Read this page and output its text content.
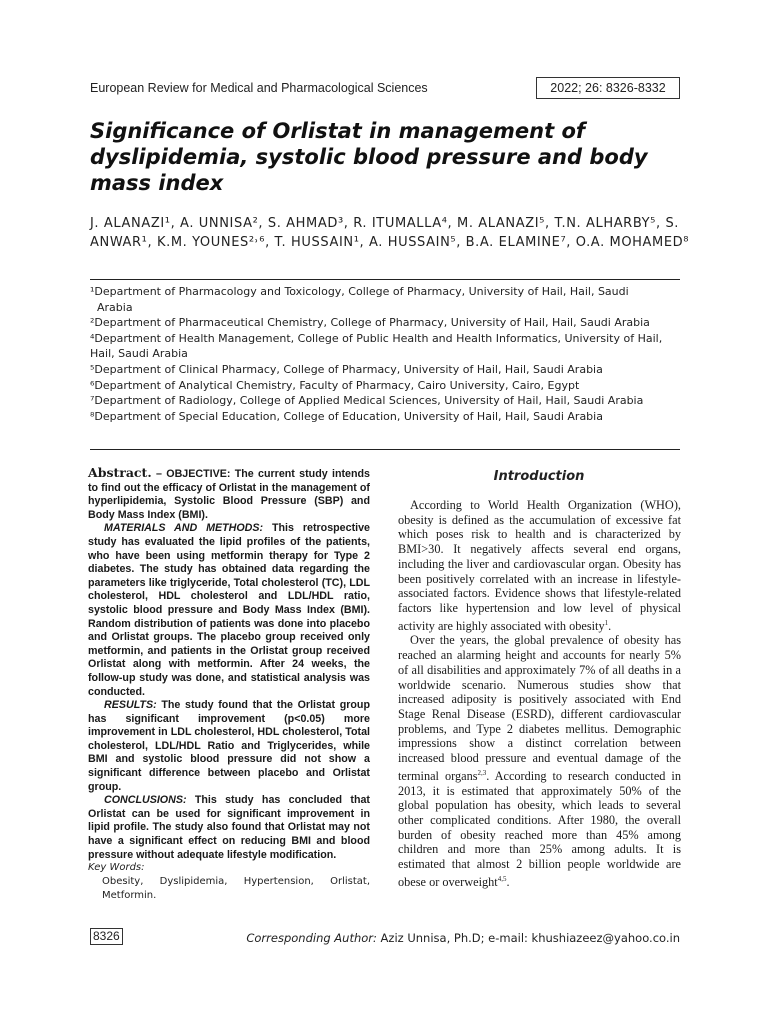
European Review for Medical and Pharmacological Sciences	2022; 26: 8326-8332
Significance of Orlistat in management of dyslipidemia, systolic blood pressure and body mass index
J. ALANAZI¹, A. UNNISA², S. AHMAD³, R. ITUMALLA⁴, M. ALANAZI⁵, T.N. ALHARBY⁵, S. ANWAR¹, K.M. YOUNES²˒⁶, T. HUSSAIN¹, A. HUSSAIN⁵, B.A. ELAMINE⁷, O.A. MOHAMED⁸
¹Department of Pharmacology and Toxicology, College of Pharmacy, University of Hail, Hail, Saudi
Arabia
²Department of Pharmaceutical Chemistry, College of Pharmacy, University of Hail, Hail, Saudi Arabia
⁴Department of Health Management, College of Public Health and Health Informatics, University of Hail, Hail, Saudi Arabia
⁵Department of Clinical Pharmacy, College of Pharmacy, University of Hail, Hail, Saudi Arabia
⁶Department of Analytical Chemistry, Faculty of Pharmacy, Cairo University, Cairo, Egypt
⁷Department of Radiology, College of Applied Medical Sciences, University of Hail, Hail, Saudi Arabia
⁸Department of Special Education, College of Education, University of Hail, Hail, Saudi Arabia

Abstract. – OBJECTIVE: The current study intends to find out the efficacy of Orlistat in the management of hyperlipidemia, Systolic Blood Pressure (SBP) and Body Mass Index (BMI).

MATERIALS AND METHODS: This retrospective study has evaluated the lipid profiles of the patients, who have been using metformin therapy for Type 2 diabetes. The study has obtained data regarding the parameters like triglyceride, Total cholesterol (TC), LDL cholesterol, HDL cholesterol and LDL/HDL ratio, systolic blood pressure and Body Mass Index (BMI). Random distribution of patients was done into placebo and Orlistat groups. The placebo group received only metformin, and patients in the Orlistat group received Orlistat along with metformin. After 24 weeks, the follow-up study was done, and statistical analysis was conducted.

RESULTS: The study found that the Orlistat group has significant improvement (p<0.05) more improvement in LDL cholesterol, HDL cholesterol, Total cholesterol, LDL/HDL Ratio and Triglycerides, while BMI and systolic blood pressure did not show a significant difference between placebo and Orlistat group.

CONCLUSIONS: This study has concluded that Orlistat can be used for significant improvement in lipid profile. The study also found that Orlistat may not have a significant effect on reducing BMI and blood pressure without adequate lifestyle modification.

Key Words:
Obesity, Dyslipidemia, Hypertension, Orlistat, Metformin.
Introduction

According to World Health Organization (WHO), obesity is defined as the accumulation of excessive fat which poses risk to health and is characterized by BMI>30. It negatively affects several end organs, including the liver and cardiovascular organ. Obesity has been positively correlated with an increase in lifestyle-associated factors. Evidence shows that lifestyle-related factors like hypertension and low level of physical activity are highly associated with obesity$^1$.

Over the years, the global prevalence of obesity has reached an alarming height and accounts for nearly 5% of all disabilities and approximately 7% of all deaths in a worldwide scenario. Numerous studies show that increased adiposity is positively associated with End Stage Renal Disease (ESRD), different cardiovascular problems, and Type 2 diabetes mellitus. Demographic impressions show a distinct correlation between increased blood pressure and eventual damage of the terminal organs$^{2,3}$. According to research conducted in 2013, it is estimated that approximately 50% of the global population has obesity, which leads to several other complicated conditions. After 1980, the overall burden of obesity reached more than 45% among children and more than 25% among adults. It is estimated that almost 2 billion people worldwide are obese or overweight$^{4,5}$.

8326	Corresponding Author: Aziz Unnisa, Ph.D; e-mail: khushiazeez@yahoo.co.in
